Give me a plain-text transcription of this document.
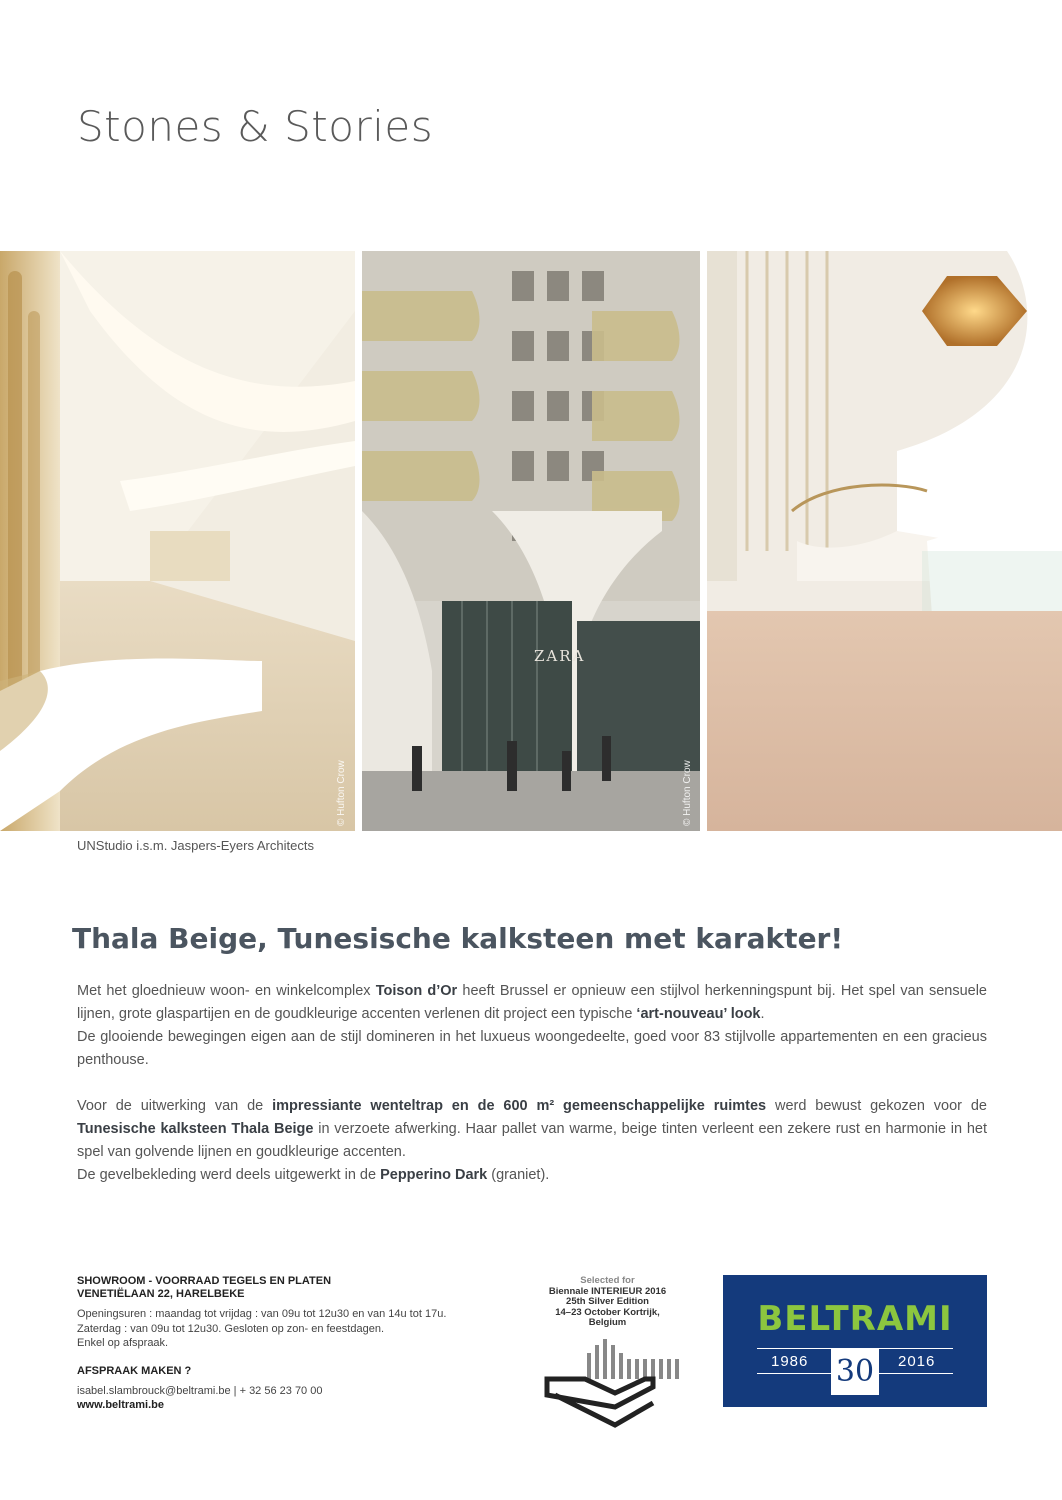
Stones & Stories
© Hufton Crow
ZARA
© Hufton Crow
UNStudio i.s.m. Jaspers-Eyers Architects
Thala Beige, Tunesische kalksteen met karakter!

Met het gloednieuw woon- en winkelcomplex Toison d’Or heeft Brussel er opnieuw een stijlvol herkenningspunt bij. Het spel van sensuele lijnen, grote glaspartijen en de goudkleurige accenten verlenen dit project een typische ‘art-nouveau’ look.

De glooiende bewegingen eigen aan de stijl domineren in het luxueus woongedeelte, goed voor 83 stijlvolle appartementen en een gracieus penthouse.

Voor de uitwerking van de impressiante wenteltrap en de 600 m² gemeenschappelijke ruimtes werd bewust gekozen voor de Tunesische kalksteen Thala Beige in verzoete afwerking. Haar pallet van warme, beige tinten verleent een zekere rust en harmonie in het spel van golvende lijnen en goudkleurige accenten.

De gevelbekleding werd deels uitgewerkt in de Pepperino Dark (graniet).

SHOWROOM - VOORRAAD TEGELS EN PLATEN
VENETIËLAAN 22, HARELBEKE
Openingsuren : maandag tot vrijdag : van 09u tot 12u30 en van 14u tot 17u.
Zaterdag : van 09u tot 12u30. Gesloten op zon- en feestdagen.
Enkel op afspraak.
AFSPRAAK MAKEN ?
isabel.slambrouck@beltrami.be | + 32 56 23 70 00
www.beltrami.be
Selected for
Biennale INTERIEUR 2016
25th Silver Edition
14–23 October Kortrijk,
Belgium	BELTRAMI
1986	2016
30
